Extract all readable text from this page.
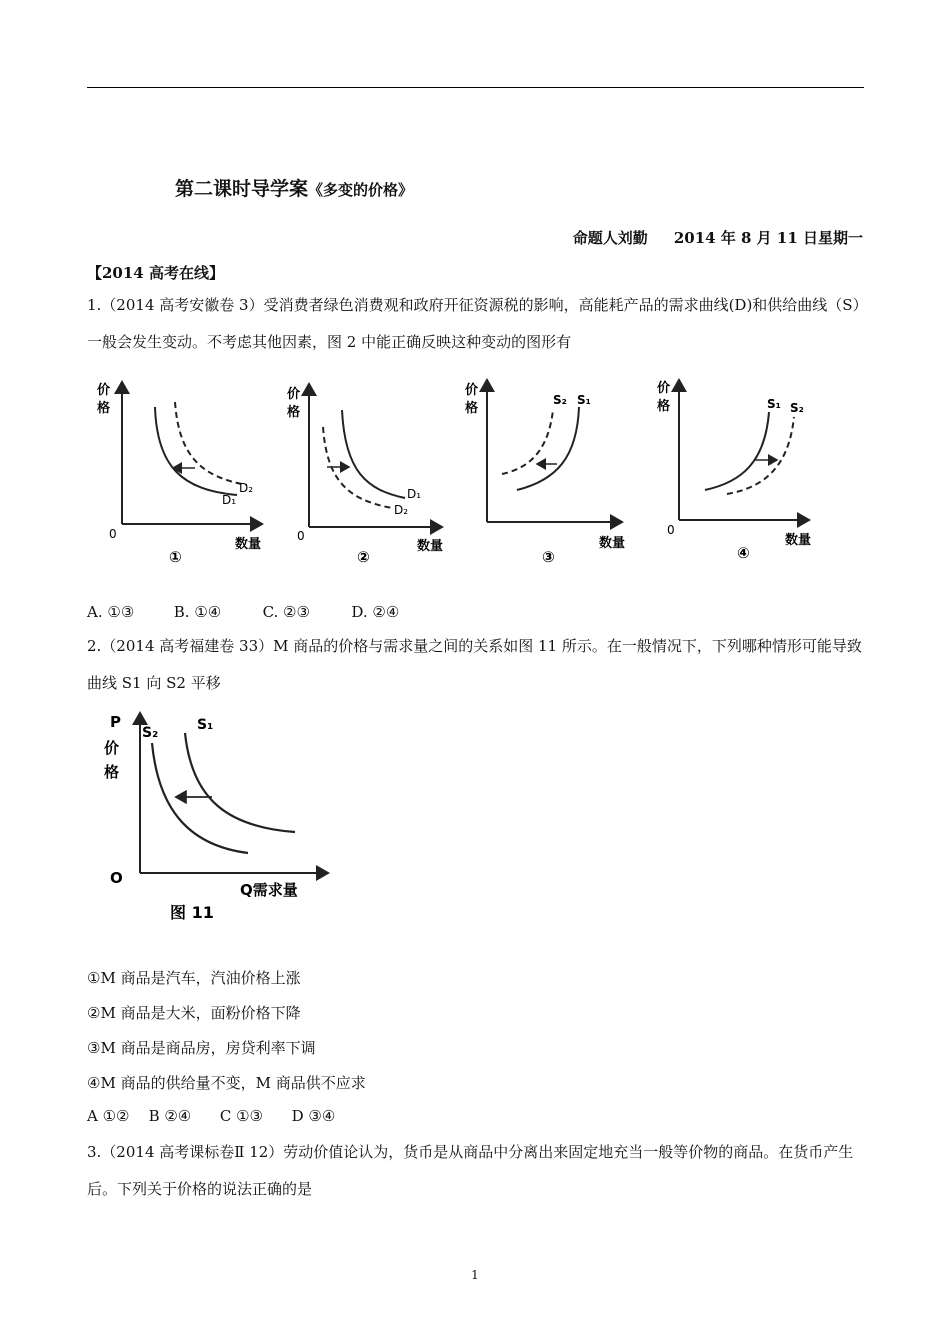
第二课时导学案《多变的价格》
命题人刘勤     2014 年 8 月 11 日星期一
【2014 高考在线】
1.（2014 高考安徽卷 3）受消费者绿色消费观和政府开征资源税的影响，高能耗产品的需求曲线(D)和供给曲线（S）一般会发生变动。不考虑其他因素，图 2 中能正确反映这种变动的图形有
价
格
0
数量
D₂
D₁
①
价
格
0
数量
D₁
D₂
②
价
格
数量
S₂ S₁
③
价
格
0
数量
S₁ S₂
④
A. ①③	B. ①④	C. ②③	D. ②④
2.（2014 高考福建卷 33）M 商品的价格与需求量之间的关系如图 11 所示。在一般情况下，下列哪种情形可能导致曲线 S1 向 S2 平移
P
价
格
O
Q需求量
S₂	S₁
图 11
①M 商品是汽车，汽油价格上涨
②M 商品是大米，面粉价格下降
③M 商品是商品房，房贷利率下调
④M 商品的供给量不变，M 商品供不应求
A ①②    B ②④      C ①③      D ③④
3.（2014 高考课标卷Ⅱ 12）劳动价值论认为，货币是从商品中分离出来固定地充当一般等价物的商品。在货币产生后。下列关于价格的说法正确的是
1
